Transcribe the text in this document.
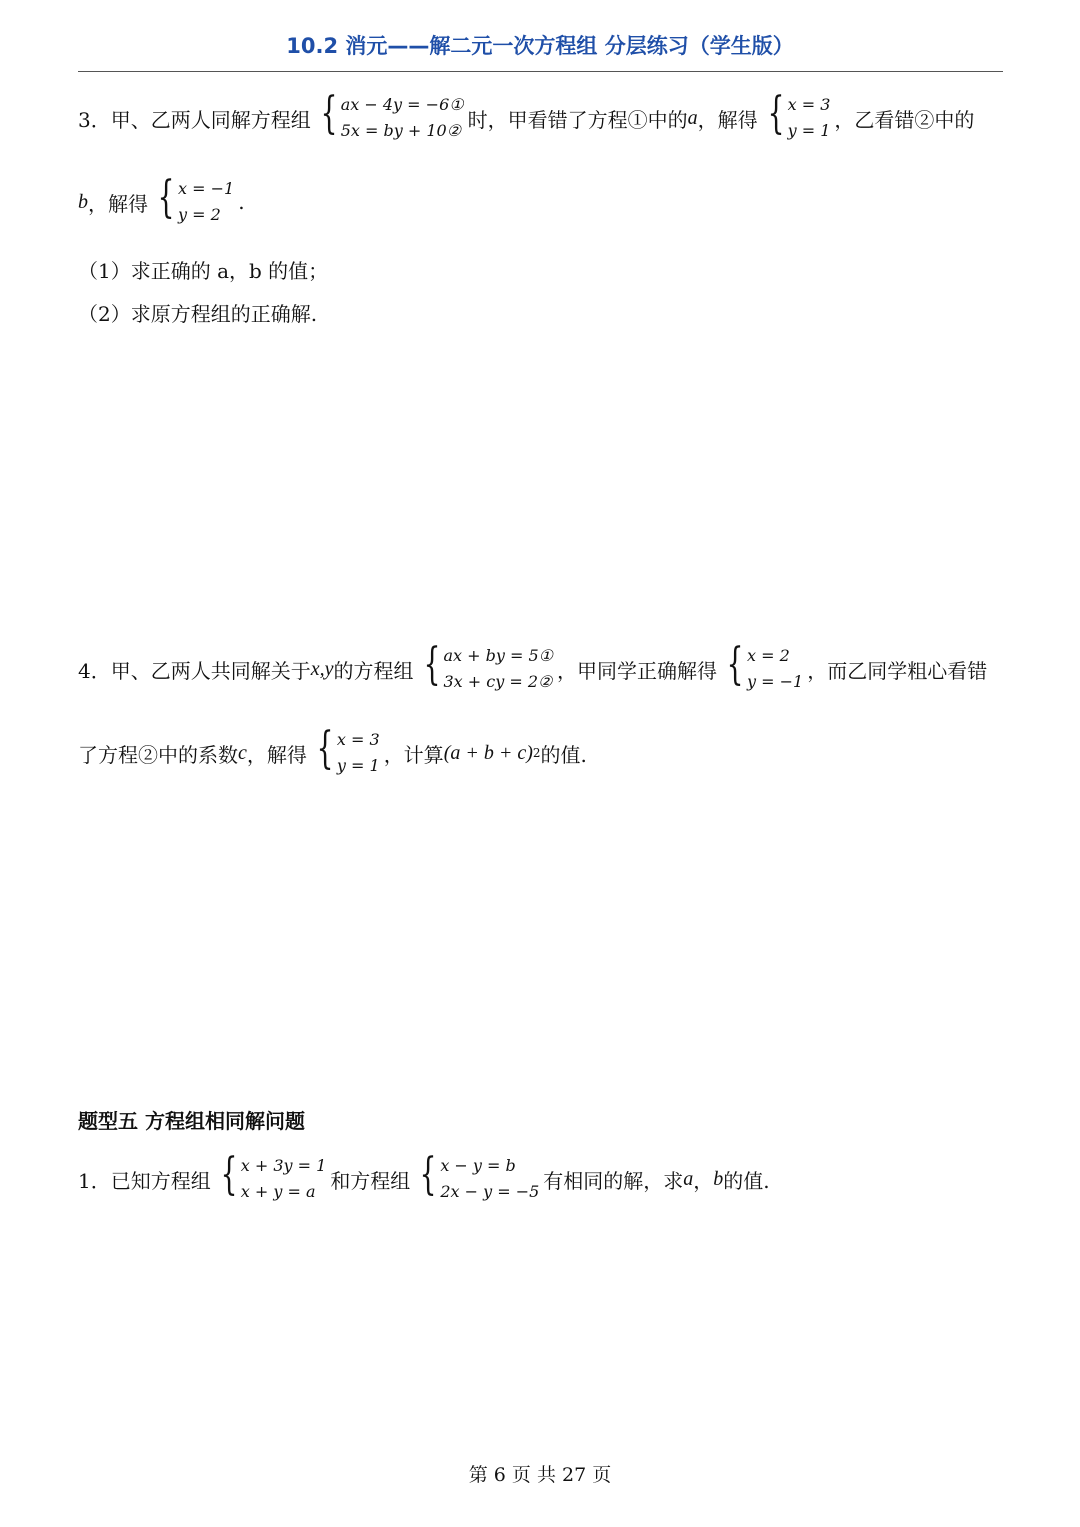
10.2 消元——解二元一次方程组 分层练习（学生版）
3． 甲、乙两人同解方程组 { ax − 4y = −6①
5x = by + 10② 时，甲看错了方程①中的 a ，解得 { x = 3
y = 1 ，乙看错②中的
b ，解得 { x = −1
y = 2
.
（1）求正确的 a，b 的值；
（2）求原方程组的正确解.
4． 甲、乙两人共同解关于 x,y 的方程组 { ax + by = 5①
3x + cy = 2② ，甲同学正确解得 { x = 2
y = −1 ，而乙同学粗心看错
了方程②中的系数 c ，解得 { x = 3
y = 1 ，计算 (a + b + c) 2 的值.
题型五 方程组相同解问题
1． 已知方程组 { x + 3y = 1
x + y = a 和方程组 { x − y = b
2x − y = −5 有相同的解，求 a ， b 的值.
第 6 页 共 27 页
